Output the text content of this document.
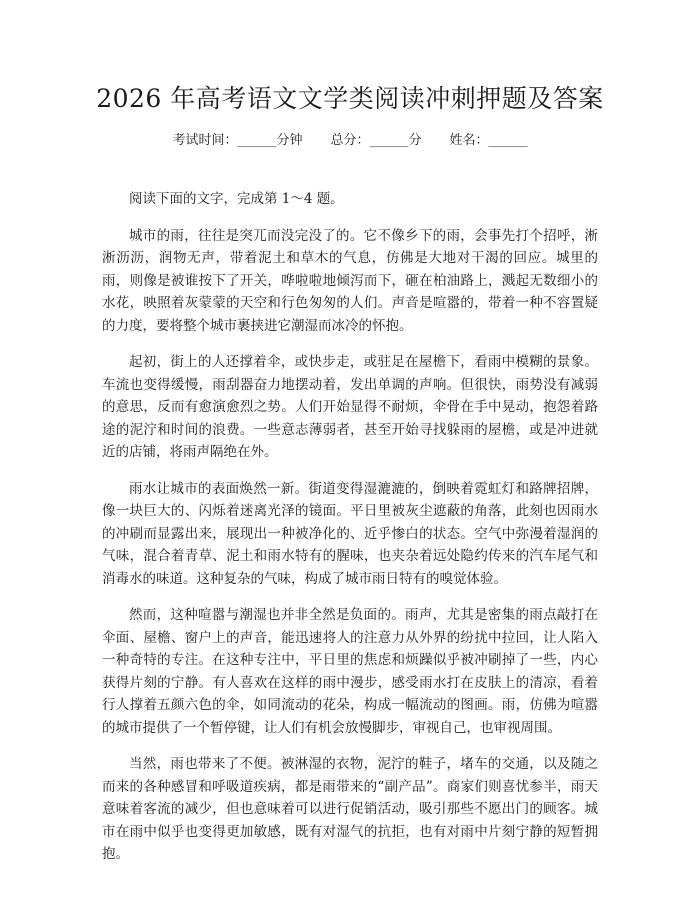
2026 年高考语文文学类阅读冲刺押题及答案
考试时间：______分钟 总分：______分 姓名：______

阅读下面的文字，完成第 1～4 题。

城市的雨，往往是突兀而没完没了的。它不像乡下的雨，会事先打个招呼，淅淅沥沥，润物无声，带着泥土和草木的气息，仿佛是大地对干渴的回应。城里的雨，则像是被谁按下了开关，哗啦啦地倾泻而下，砸在柏油路上，溅起无数细小的水花，映照着灰蒙蒙的天空和行色匆匆的人们。声音是喧嚣的，带着一种不容置疑的力度，要将整个城市裹挟进它潮湿而冰冷的怀抱。

起初，街上的人还撑着伞，或快步走，或驻足在屋檐下，看雨中模糊的景象。车流也变得缓慢，雨刮器奋力地摆动着，发出单调的声响。但很快，雨势没有减弱的意思，反而有愈演愈烈之势。人们开始显得不耐烦，伞骨在手中晃动，抱怨着路途的泥泞和时间的浪费。一些意志薄弱者，甚至开始寻找躲雨的屋檐，或是冲进就近的店铺，将雨声隔绝在外。

雨水让城市的表面焕然一新。街道变得湿漉漉的，倒映着霓虹灯和路牌招牌，像一块巨大的、闪烁着迷离光泽的镜面。平日里被灰尘遮蔽的角落，此刻也因雨水的冲刷而显露出来，展现出一种被净化的、近乎惨白的状态。空气中弥漫着湿润的气味，混合着青草、泥土和雨水特有的腥味，也夹杂着远处隐约传来的汽车尾气和消毒水的味道。这种复杂的气味，构成了城市雨日特有的嗅觉体验。

然而，这种喧嚣与潮湿也并非全然是负面的。雨声，尤其是密集的雨点敲打在伞面、屋檐、窗户上的声音，能迅速将人的注意力从外界的纷扰中拉回，让人陷入一种奇特的专注。在这种专注中，平日里的焦虑和烦躁似乎被冲刷掉了一些，内心获得片刻的宁静。有人喜欢在这样的雨中漫步，感受雨水打在皮肤上的清凉，看着行人撑着五颜六色的伞，如同流动的花朵，构成一幅流动的图画。雨，仿佛为喧嚣的城市提供了一个暂停键，让人们有机会放慢脚步，审视自己，也审视周围。

当然，雨也带来了不便。被淋湿的衣物，泥泞的鞋子，堵车的交通，以及随之而来的各种感冒和呼吸道疾病，都是雨带来的“副产品”。商家们则喜忧参半，雨天意味着客流的减少，但也意味着可以进行促销活动，吸引那些不愿出门的顾客。城市在雨中似乎也变得更加敏感，既有对湿气的抗拒，也有对雨中片刻宁静的短暂拥抱。
